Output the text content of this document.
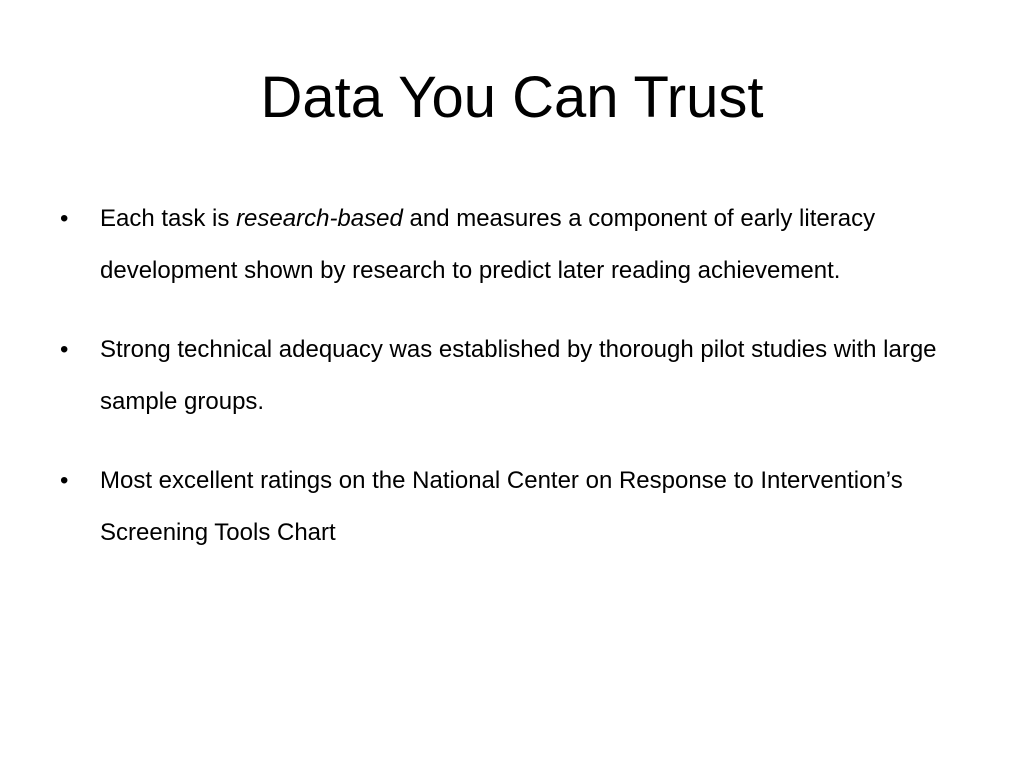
Data You Can Trust
• Each task is research-based and measures a component of early literacy development shown by research to predict later reading achievement.
• Strong technical adequacy was established by thorough pilot studies with large sample groups.
• Most excellent ratings on the National Center on Response to Intervention’s Screening Tools Chart
